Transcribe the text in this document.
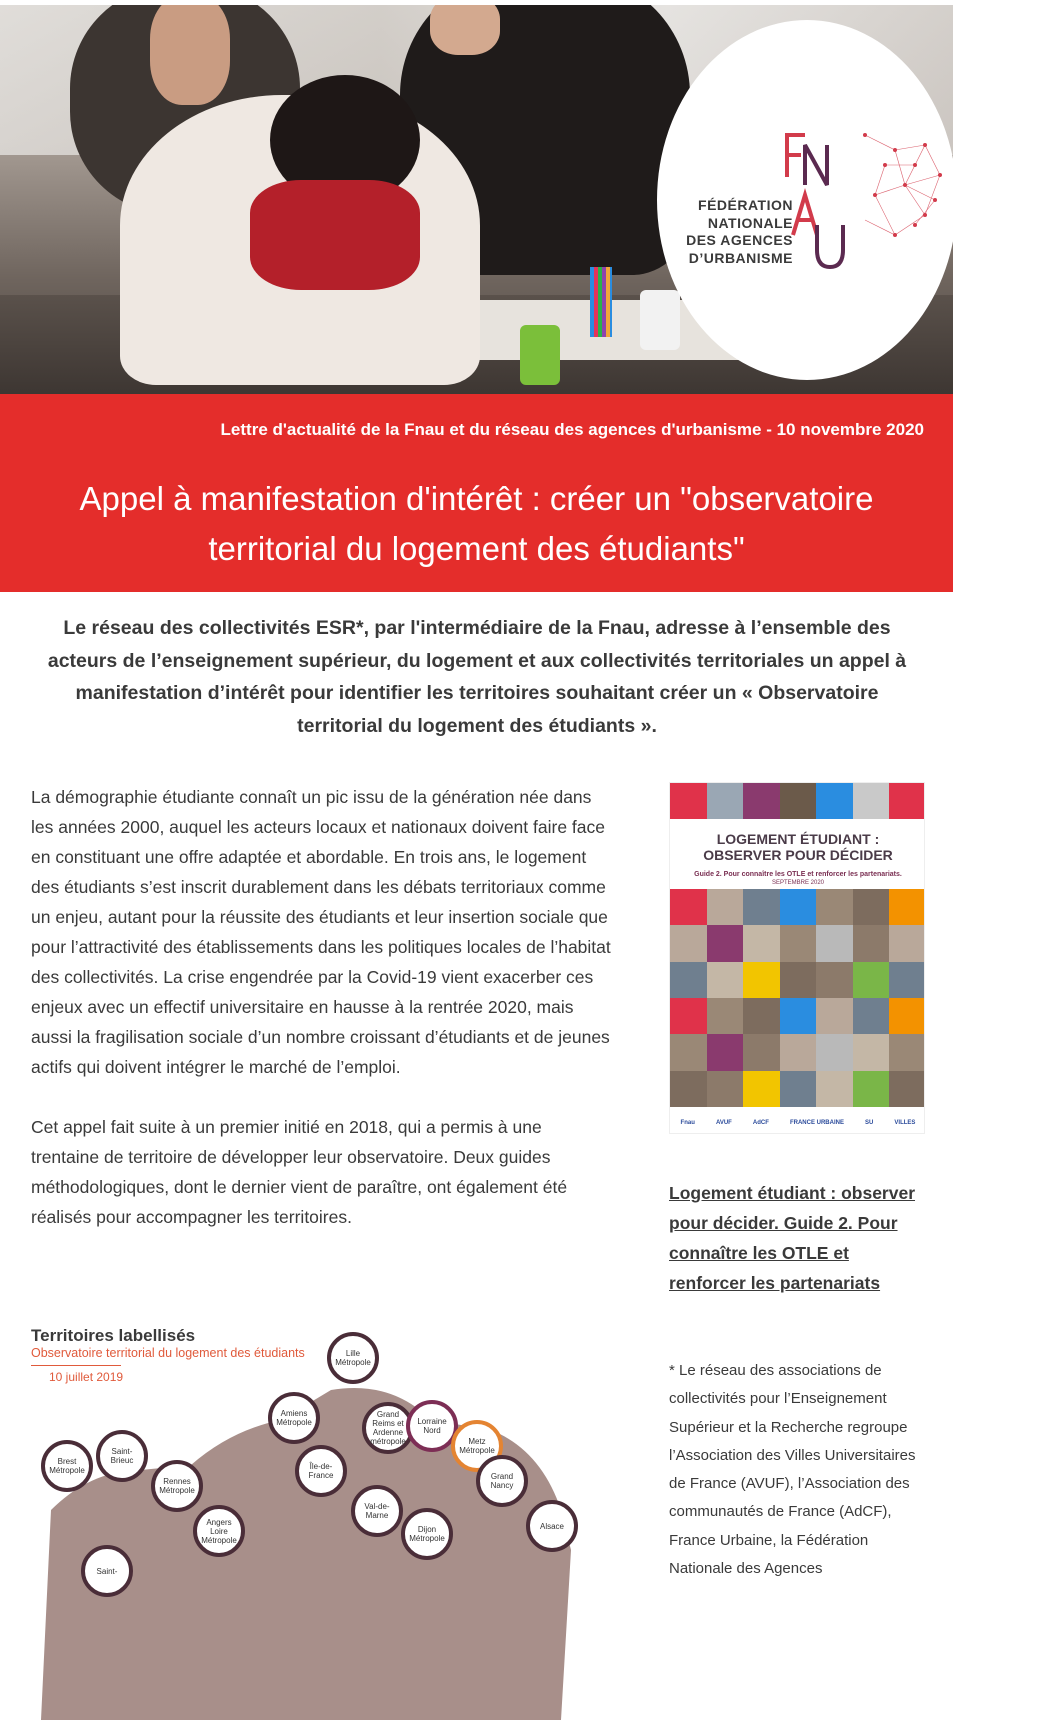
FÉDÉRATION
NATIONALE
DES AGENCES
D’URBANISME
Lettre d'actualité de la Fnau et du réseau des agences d'urbanisme - 10 novembre 2020
Appel à manifestation d'intérêt : créer un "observatoire
territorial du logement des étudiants"
Le réseau des collectivités ESR*, par l'intermédiaire de la Fnau, adresse à l’ensemble des acteurs de l’enseignement supérieur, du logement et aux collectivités territoriales un appel à manifestation d’intérêt pour identifier les territoires souhaitant créer un « Observatoire territorial du logement des étudiants ».

La démographie étudiante connaît un pic issu de la génération née dans les années 2000, auquel les acteurs locaux et nationaux doivent faire face en constituant une offre adaptée et abordable. En trois ans, le logement des étudiants s’est inscrit durablement dans les débats territoriaux comme un enjeu, autant pour la réussite des étudiants et leur insertion sociale que pour l’attractivité des établissements dans les politiques locales de l’habitat des collectivités. La crise engendrée par la Covid-19 vient exacerber ces enjeux avec un effectif universitaire en hausse à la rentrée 2020, mais aussi la fragilisation sociale d’un nombre croissant d’étudiants et de jeunes actifs qui doivent intégrer le marché de l’emploi.

Cet appel fait suite à un premier initié en 2018, qui a permis à une trentaine de territoire de développer leur observatoire. Deux guides méthodologiques, dont le dernier vient de paraître, ont également été réalisés pour accompagner les territoires.

Territoires labellisés
Observatoire territorial du logement des étudiants
10 juillet 2019
Lille Métropole
Amiens Métropole
Grand Reims et Ardenne métropole
Lorraine Nord
Metz Métropole
Brest Métropole
Saint-Brieuc
Rennes Métropole
Île-de-France	Grand Nancy
Val-de-Marne
Alsace
Angers Loire Métropole
Dijon Métropole
Saint-
LOGEMENT ÉTUDIANT :
OBSERVER POUR DÉCIDER
Guide 2. Pour connaître les OTLE et renforcer les partenariats.
SEPTEMBRE 2020
Fnau	AVUF	AdCF	FRANCE URBAINE	SU	VILLES
Logement étudiant : observer pour décider. Guide 2. Pour connaître les OTLE et renforcer les partenariats
* Le réseau des associations de collectivités pour l’Enseignement Supérieur et la Recherche regroupe l’Association des Villes Universitaires de France (AVUF), l’Association des communautés de France (AdCF), France Urbaine, la Fédération Nationale des Agences
